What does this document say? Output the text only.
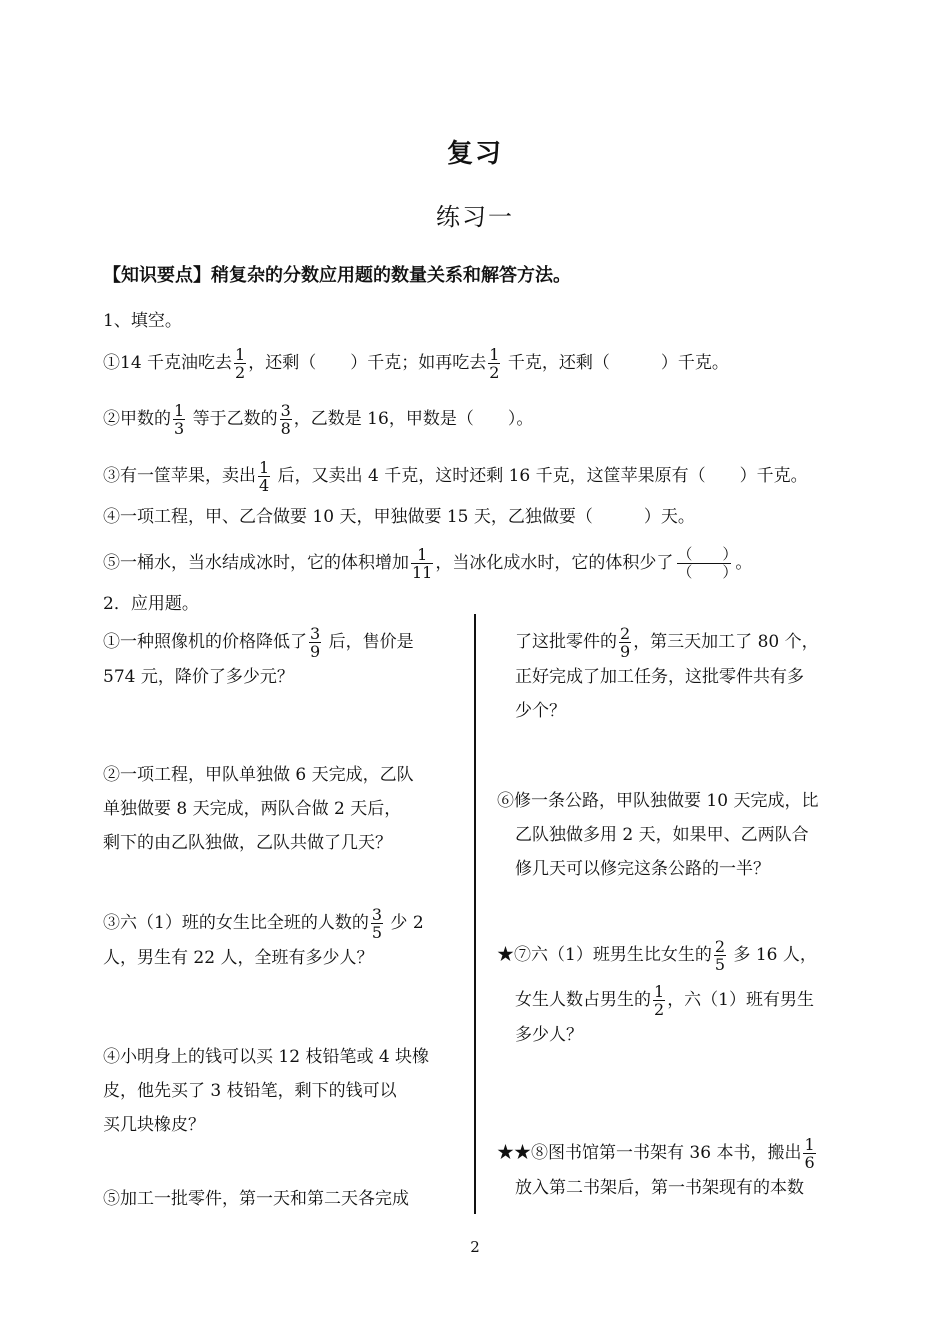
复习
练习一
【知识要点】稍复杂的分数应用题的数量关系和解答方法。
1、填空。
①14 千克油吃去 $\frac{1}{2}$ ，还剩（　　）千克；如再吃去 $\frac{1}{2}$ 千克，还剩（　　　）千克。
②甲数的 $\frac{1}{3}$ 等于乙数的 $\frac{3}{8}$ ，乙数是 16，甲数是（　　）。
③有一筐苹果，卖出 $\frac{1}{4}$ 后，又卖出 4 千克，这时还剩 16 千克，这筐苹果原有（　　）千克。
④一项工程，甲、乙合做要 10 天，甲独做要 15 天，乙独做要（　　　）天。
⑤一桶水，当水结成冰时，它的体积增加 $\frac{1}{11}$ ，当冰化成水时，它的体积少了 $\frac{( )}{( )}$ 。
2．应用题。
①一种照像机的价格降低了 $\frac{3}{9}$ 后，售价是
574 元，降价了多少元？
②一项工程，甲队单独做 6 天完成，乙队
单独做要 8 天完成，两队合做 2 天后，
剩下的由乙队独做，乙队共做了几天？
③六（1）班的女生比全班的人数的 $\frac{3}{5}$ 少 2
人，男生有 22 人，全班有多少人？
④小明身上的钱可以买 12 枝铅笔或 4 块橡
皮，他先买了 3 枝铅笔，剩下的钱可以
买几块橡皮？
⑤加工一批零件，第一天和第二天各完成
了这批零件的 $\frac{2}{9}$ ，第三天加工了 80 个，
正好完成了加工任务，这批零件共有多
少个？
⑥修一条公路，甲队独做要 10 天完成，比
乙队独做多用 2 天，如果甲、乙两队合
修几天可以修完这条公路的一半？
★⑦六（1）班男生比女生的 $\frac{2}{5}$ 多 16 人，
女生人数占男生的 $\frac{1}{2}$ ，六（1）班有男生
多少人？
★★⑧图书馆第一书架有 36 本书，搬出 $\frac{1}{6}$
放入第二书架后，第一书架现有的本数
2
